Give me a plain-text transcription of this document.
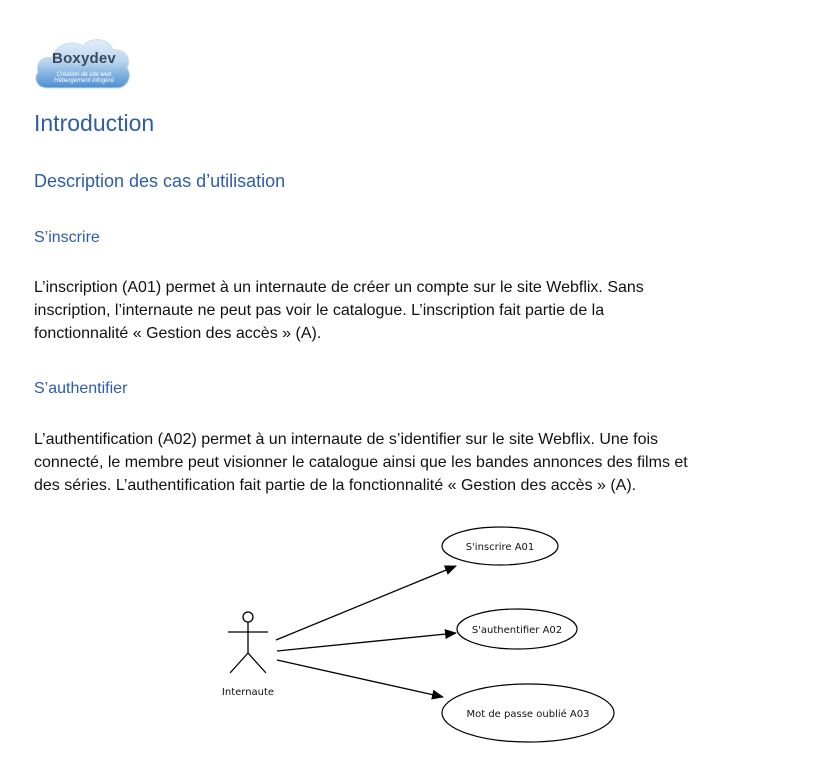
Boxydev
Création de site web
Hébergement infogéré
Introduction
Description des cas d’utilisation
S’inscrire
L’inscription (A01) permet à un internaute de créer un compte sur le site Webflix. Sans
inscription, l’internaute ne peut pas voir le catalogue. L’inscription fait partie de la
fonctionnalité « Gestion des accès » (A).
S’authentifier
L’authentification (A02) permet à un internaute de s’identifier sur le site Webflix. Une fois
connecté, le membre peut visionner le catalogue ainsi que les bandes annonces des films et
des séries. L’authentification fait partie de la fonctionnalité « Gestion des accès » (A).
Internaute
S'inscrire A01
S'authentifier A02
Mot de passe oublié A03
